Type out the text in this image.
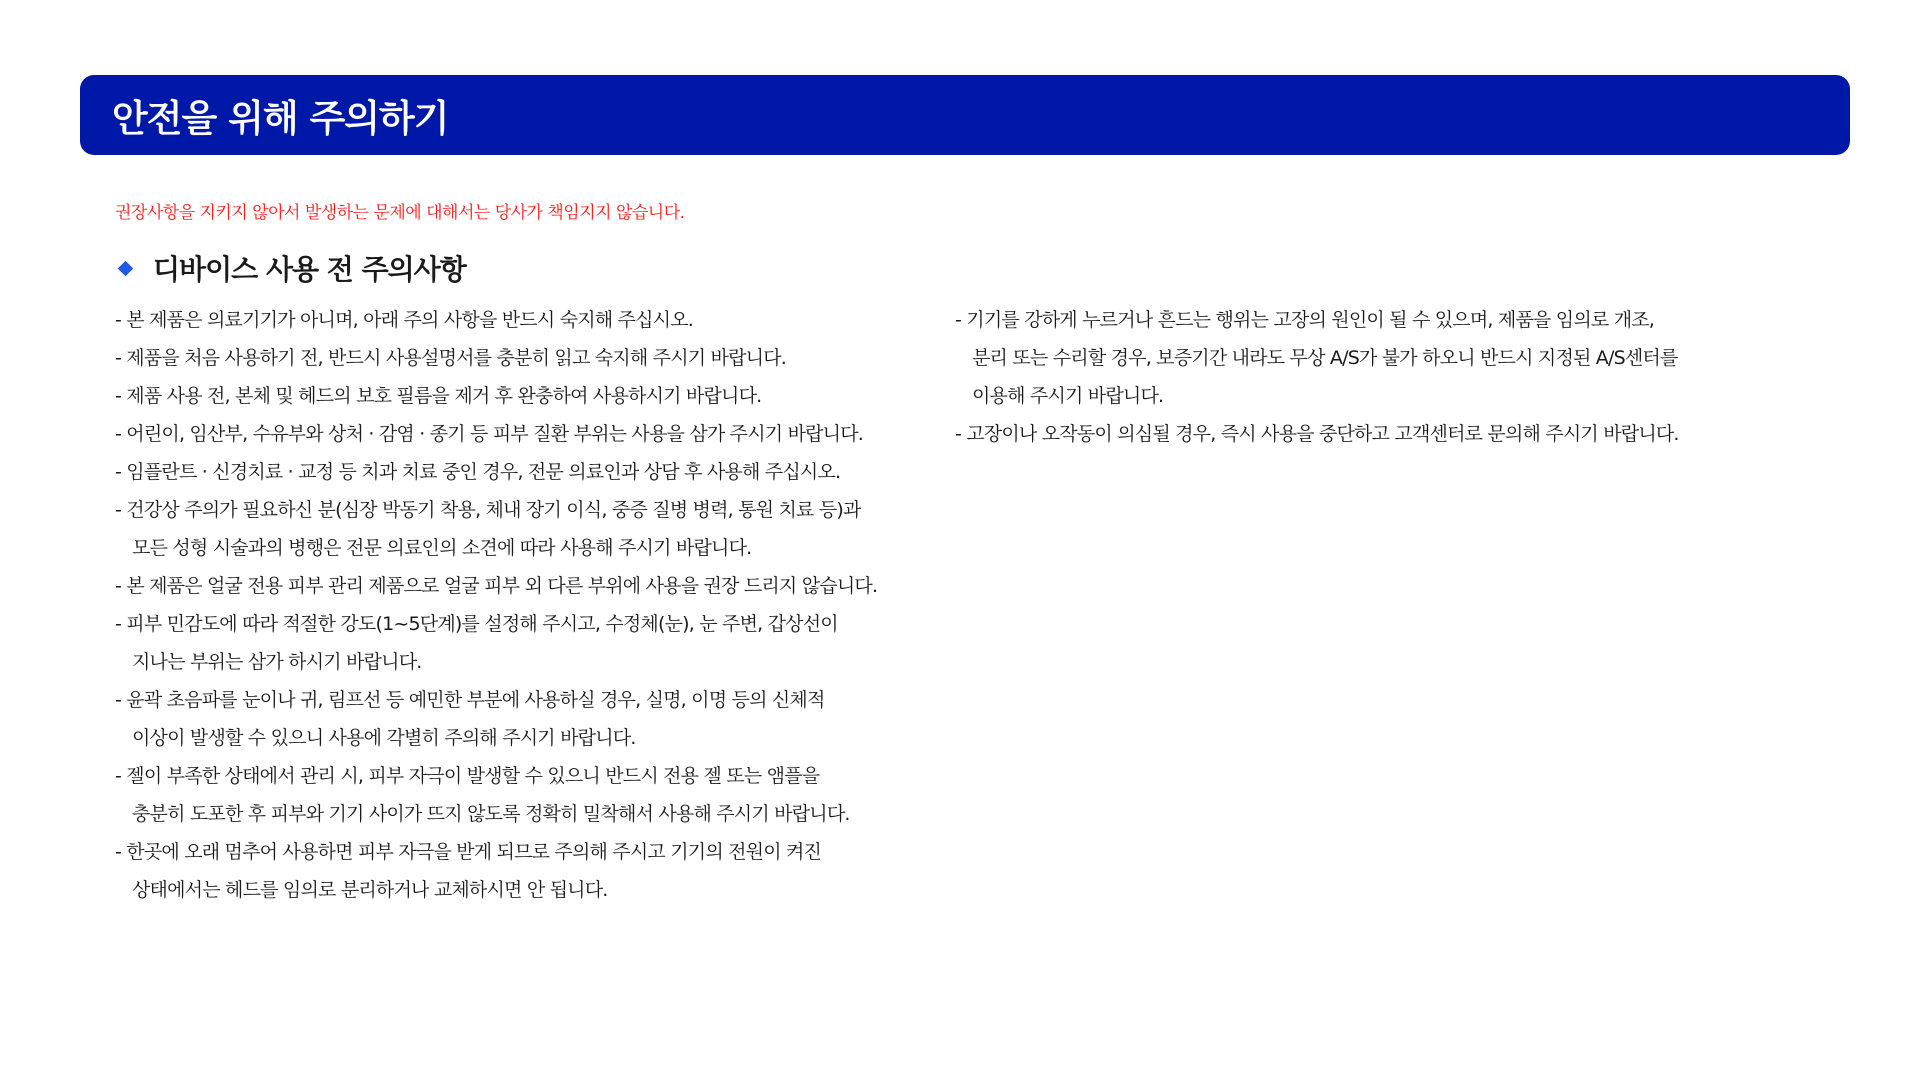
안전을 위해 주의하기
권장사항을 지키지 않아서 발생하는 문제에 대해서는 당사가 책임지지 않습니다.
디바이스 사용 전 주의사항
- 본 제품은 의료기기가 아니며, 아래 주의 사항을 반드시 숙지해 주십시오.
- 제품을 처음 사용하기 전, 반드시 사용설명서를 충분히 읽고 숙지해 주시기 바랍니다.
- 제품 사용 전, 본체 및 헤드의 보호 필름을 제거 후 완충하여 사용하시기 바랍니다.
- 어린이, 임산부, 수유부와 상처 · 감염 · 종기 등 피부 질환 부위는 사용을 삼가 주시기 바랍니다.
- 임플란트 · 신경치료 · 교정 등 치과 치료 중인 경우, 전문 의료인과 상담 후 사용해 주십시오.
- 건강상 주의가 필요하신 분(심장 박동기 착용, 체내 장기 이식, 중증 질병 병력, 통원 치료 등)과
모든 성형 시술과의 병행은 전문 의료인의 소견에 따라 사용해 주시기 바랍니다.
- 본 제품은 얼굴 전용 피부 관리 제품으로 얼굴 피부 외 다른 부위에 사용을 권장 드리지 않습니다.
- 피부 민감도에 따라 적절한 강도(1~5단계)를 설정해 주시고, 수정체(눈), 눈 주변, 갑상선이
지나는 부위는 삼가 하시기 바랍니다.
- 윤곽 초음파를 눈이나 귀, 림프선 등 예민한 부분에 사용하실 경우, 실명, 이명 등의 신체적
이상이 발생할 수 있으니 사용에 각별히 주의해 주시기 바랍니다.
- 젤이 부족한 상태에서 관리 시, 피부 자극이 발생할 수 있으니 반드시 전용 젤 또는 앰플을
충분히 도포한 후 피부와 기기 사이가 뜨지 않도록 정확히 밀착해서 사용해 주시기 바랍니다.
- 한곳에 오래 멈추어 사용하면 피부 자극을 받게 되므로 주의해 주시고 기기의 전원이 켜진
상태에서는 헤드를 임의로 분리하거나 교체하시면 안 됩니다.
- 기기를 강하게 누르거나 흔드는 행위는 고장의 원인이 될 수 있으며, 제품을 임의로 개조,
분리 또는 수리할 경우, 보증기간 내라도 무상 A/S가 불가 하오니 반드시 지정된 A/S센터를
이용해 주시기 바랍니다.
- 고장이나 오작동이 의심될 경우, 즉시 사용을 중단하고 고객센터로 문의해 주시기 바랍니다.
